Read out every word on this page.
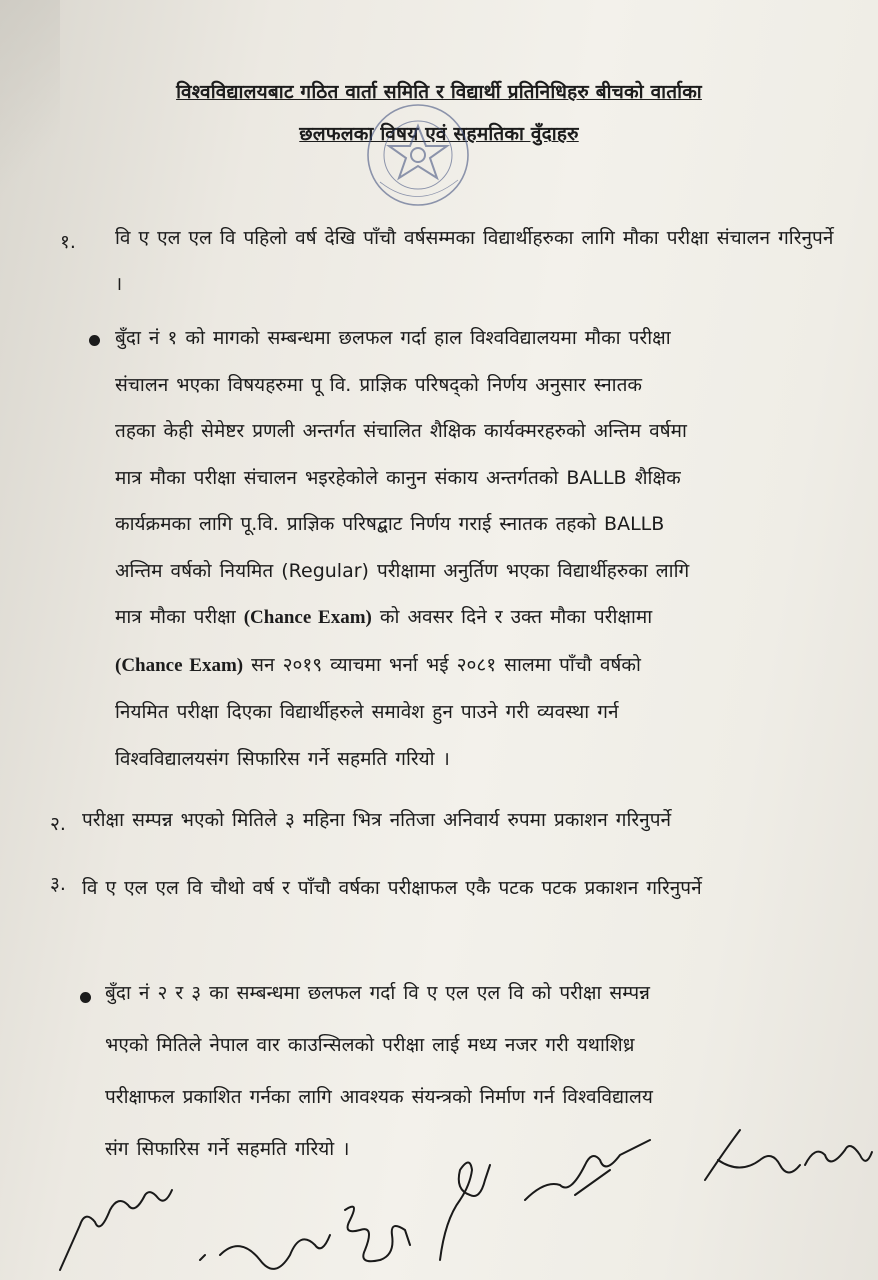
विश्वविद्यालयबाट गठित वार्ता समिति र विद्यार्थी प्रतिनिधिहरु बीचको वार्ताका
छलफलका विषय एवं सहमतिका वुँदाहरु
१. वि ए एल एल वि पहिलो वर्ष देखि पाँचौ वर्षसम्मका विद्यार्थीहरुका लागि मौका परीक्षा संचालन गरिनुपर्ने ।
बुँदा नं १ को मागको सम्बन्धमा छलफल गर्दा हाल विश्वविद्यालयमा मौका परीक्षा
संचालन भएका विषयहरुमा पू वि. प्राज्ञिक परिषद्को निर्णय अनुसार स्नातक
तहका केही सेमेष्टर प्रणली अन्तर्गत संचालित शैक्षिक कार्यक्मरहरुको अन्तिम वर्षमा
मात्र मौका परीक्षा संचालन भइरहेकोले कानुन संकाय अन्तर्गतको BALLB शैक्षिक
कार्यक्रमका लागि पू.वि. प्राज्ञिक परिषद्बाट निर्णय गराई स्नातक तहको BALLB
अन्तिम वर्षको नियमित (Regular) परीक्षामा अनुर्तिण भएका विद्यार्थीहरुका लागि
मात्र मौका परीक्षा (Chance Exam) को अवसर दिने र उक्त मौका परीक्षामा
(Chance Exam) सन २०१९ व्याचमा भर्ना भई २०८१ सालमा पाँचौ वर्षको
नियमित परीक्षा दिएका विद्यार्थीहरुले समावेश हुन पाउने गरी व्यवस्था गर्न
विश्वविद्यालयसंग सिफारिस गर्ने सहमति गरियो ।
२. परीक्षा सम्पन्न भएको मितिले ३ महिना भित्र नतिजा अनिवार्य रुपमा प्रकाशन गरिनुपर्ने
३. वि ए एल एल वि चौथो वर्ष र पाँचौ वर्षका परीक्षाफल एकै पटक पटक प्रकाशन गरिनुपर्ने
बुँदा नं २ र ३ का सम्बन्धमा छलफल गर्दा वि ए एल एल वि को परीक्षा सम्पन्न
भएको मितिले नेपाल वार काउन्सिलको परीक्षा लाई मध्य नजर गरी यथाशिध्र
परीक्षाफल प्रकाशित गर्नका लागि आवश्यक संयन्त्रको निर्माण गर्न विश्वविद्यालय
संग सिफारिस गर्ने सहमति गरियो ।
